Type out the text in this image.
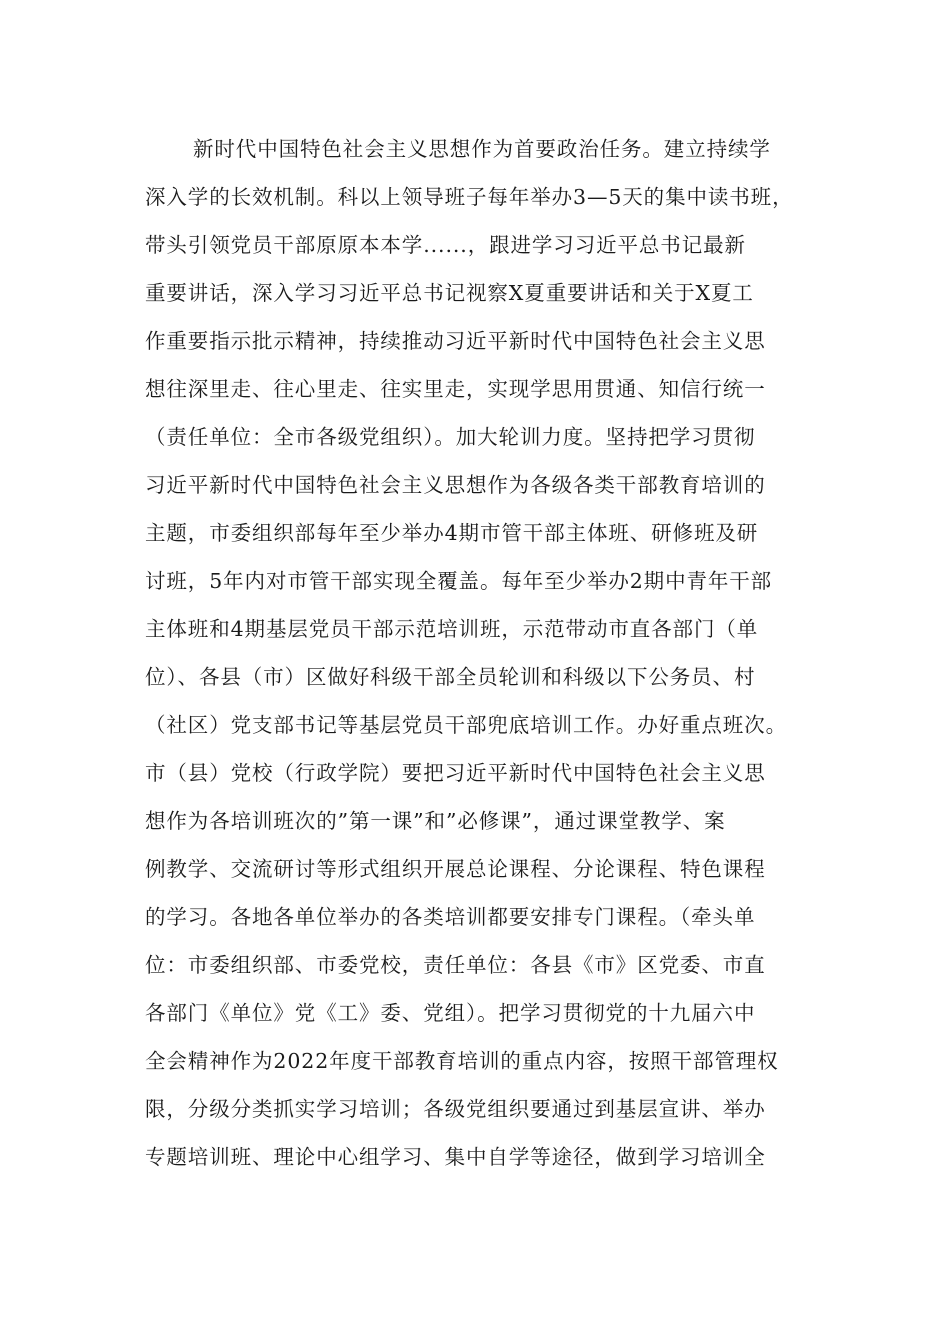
新时代中国特色社会主义思想作为首要政治任务。建立持续学
深入学的长效机制。科以上领导班子每年举办3—5天的集中读书班，
带头引领党员干部原原本本学......，跟进学习习近平总书记最新
重要讲话，深入学习习近平总书记视察X夏重要讲话和关于X夏工
作重要指示批示精神，持续推动习近平新时代中国特色社会主义思
想往深里走、往心里走、往实里走，实现学思用贯通、知信行统一
（责任单位：全市各级党组织）。加大轮训力度。坚持把学习贯彻
习近平新时代中国特色社会主义思想作为各级各类干部教育培训的
主题，市委组织部每年至少举办4期市管干部主体班、研修班及研
讨班，5年内对市管干部实现全覆盖。每年至少举办2期中青年干部
主体班和4期基层党员干部示范培训班，示范带动市直各部门（单
位）、各县（市）区做好科级干部全员轮训和科级以下公务员、村
（社区）党支部书记等基层党员干部兜底培训工作。办好重点班次。
市（县）党校（行政学院）要把习近平新时代中国特色社会主义思
想作为各培训班次的”第一课”和”必修课”，通过课堂教学、案
例教学、交流研讨等形式组织开展总论课程、分论课程、特色课程
的学习。各地各单位举办的各类培训都要安排专门课程。（牵头单
位：市委组织部、市委党校，责任单位：各县《市》区党委、市直
各部门《单位》党《工》委、党组）。把学习贯彻党的十九届六中
全会精神作为2022年度干部教育培训的重点内容，按照干部管理权
限，分级分类抓实学习培训；各级党组织要通过到基层宣讲、举办
专题培训班、理论中心组学习、集中自学等途径，做到学习培训全
